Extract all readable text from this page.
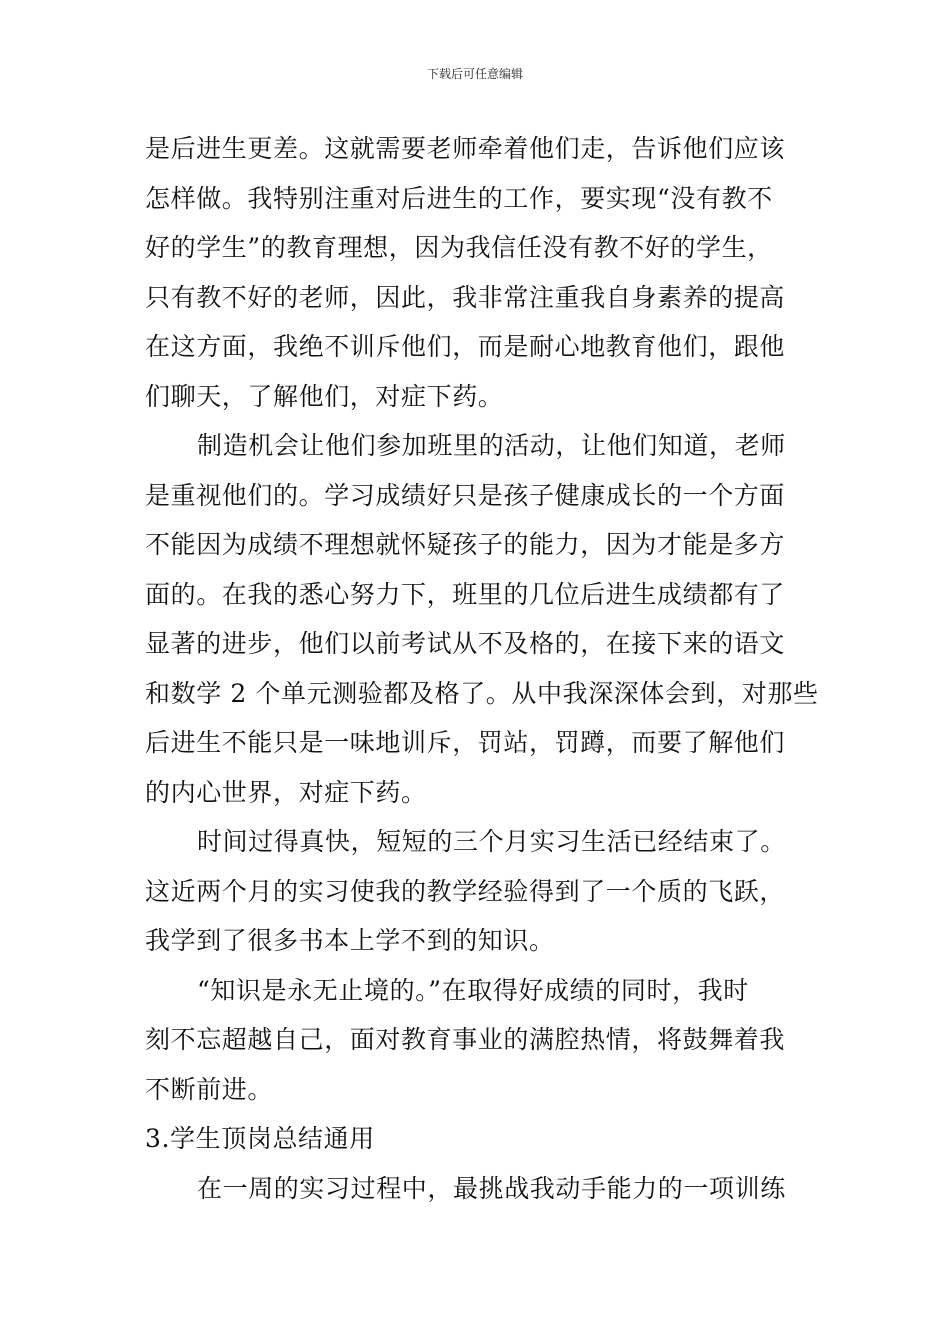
下载后可任意编辑
是后进生更差。这就需要老师牵着他们走，告诉他们应该
怎样做。我特别注重对后进生的工作，要实现“没有教不
好的学生”的教育理想，因为我信任没有教不好的学生，
只有教不好的老师，因此，我非常注重我自身素养的提高
在这方面，我绝不训斥他们，而是耐心地教育他们，跟他
们聊天，了解他们，对症下药。
制造机会让他们参加班里的活动，让他们知道，老师
是重视他们的。学习成绩好只是孩子健康成长的一个方面
不能因为成绩不理想就怀疑孩子的能力，因为才能是多方
面的。在我的悉心努力下，班里的几位后进生成绩都有了
显著的进步，他们以前考试从不及格的，在接下来的语文
和数学 2 个单元测验都及格了。从中我深深体会到，对那些
后进生不能只是一味地训斥，罚站，罚蹲，而要了解他们
的内心世界，对症下药。
时间过得真快，短短的三个月实习生活已经结束了。
这近两个月的实习使我的教学经验得到了一个质的飞跃，
我学到了很多书本上学不到的知识。
“知识是永无止境的。”在取得好成绩的同时，我时
刻不忘超越自己，面对教育事业的满腔热情，将鼓舞着我
不断前进。
3.学生顶岗总结通用
在一周的实习过程中，最挑战我动手能力的一项训练
